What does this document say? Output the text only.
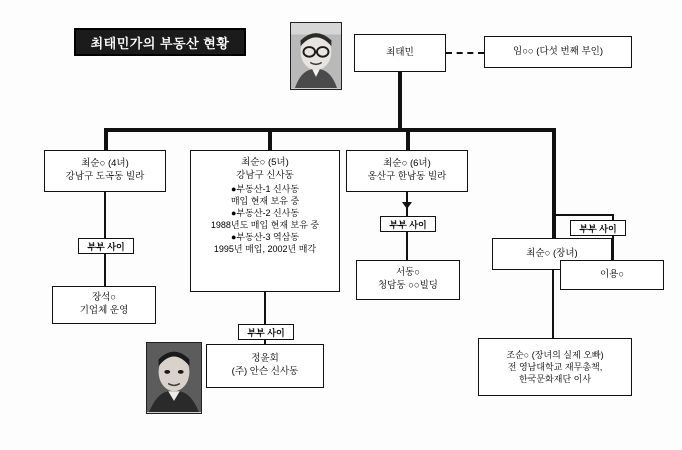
최태민가의 부동산 현황
최태민	임○○ (다섯 번째 부인)
최순○ (4녀)
강남구 도곡동 빌라
최순○ (5녀)
강남구 신사동
●부동산-1 신사동
매입 현재 보유 중
●부동산-2 신사동
1988년도 매입 현재 보유 중
●부동산-3 역삼동
1995년 매입, 2002년 매각
최순○ (6녀)
옹산구 한남동 빌라
최순○ (장녀)
부부 사이
장석○
기업체 운영
부부 사이
정윤회
(주) 안슨 신사동
부부 사이
서동○
청담동 ○○빌딩
부부 사이
이용○
조순○ (장녀의 실제 오빠)
전 영남대학교 재무총책,
한국문화재단 이사
